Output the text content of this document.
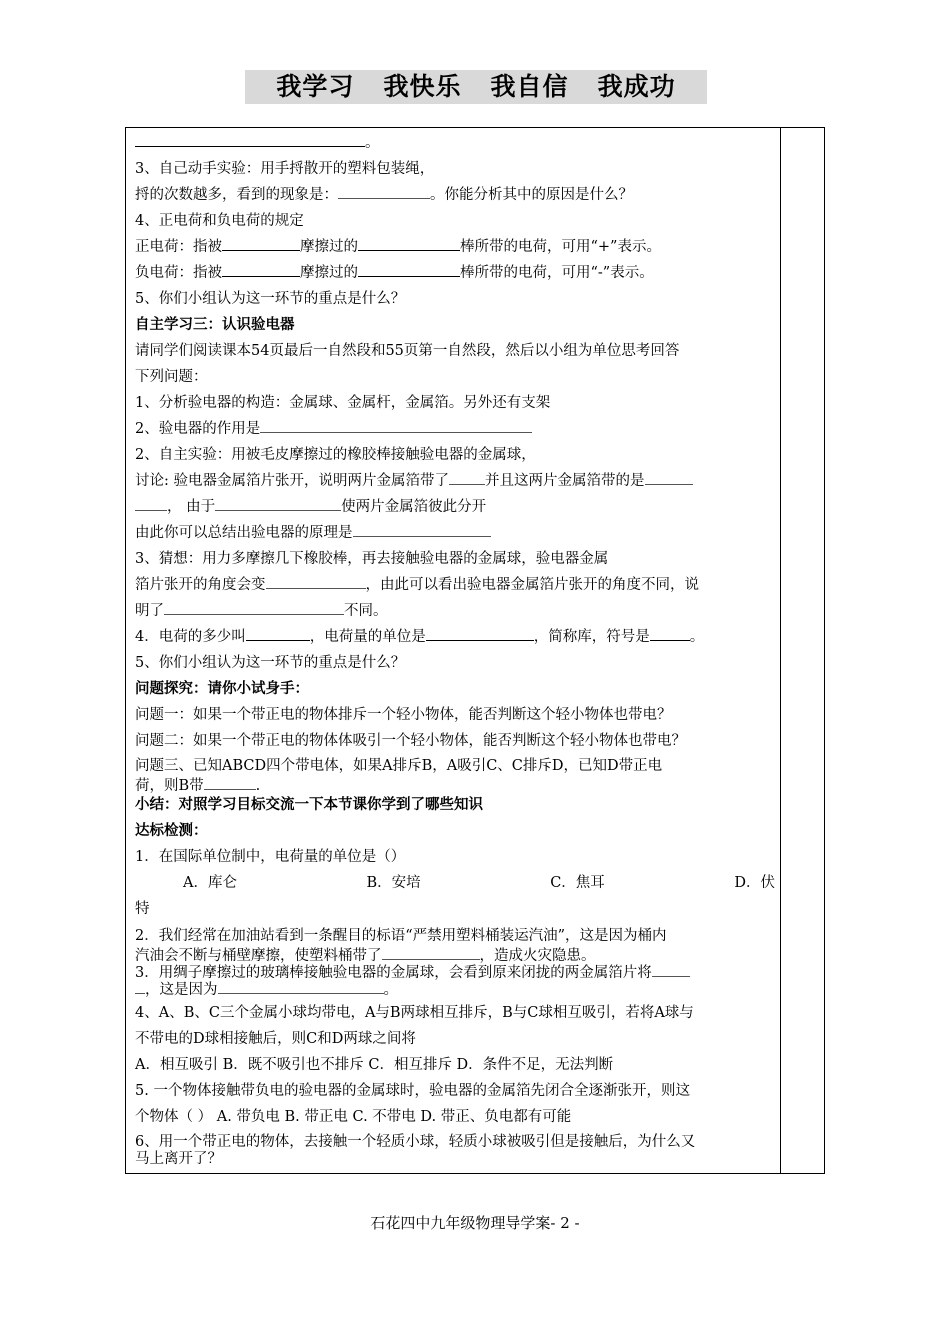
我学习   我快乐   我自信   我成功
。
3、自己动手实验：用手捋散开的塑料包装绳，
捋的次数越多，看到的现象是：	。你能分析其中的原因是什么？
4、正电荷和负电荷的规定
正电荷：指被	摩擦过的	棒所带的电荷，可用“+”表示。
负电荷：指被	摩擦过的	棒所带的电荷，可用“-”表示。
5、你们小组认为这一环节的重点是什么？
自主学习三：认识验电器
请同学们阅读课本54页最后一自然段和55页第一自然段，然后以小组为单位思考回答
下列问题：
1、分析验电器的构造：金属球、金属杆，金属箔。另外还有支架
2、验电器的作用是
2、自主实验：用被毛皮摩擦过的橡胶棒接触验电器的金属球，
讨论: 验电器金属箔片张开，说明两片金属箔带了 并且这两片金属箔带的是
， 由于	使两片金属箔彼此分开
由此你可以总结出验电器的原理是
3、猜想：用力多摩擦几下橡胶棒，再去接触验电器的金属球，验电器金属
箔片张开的角度会变	，由此可以看出验电器金属箔片张开的角度不同，说
明了	不同。
4．电荷的多少叫	，电荷量的单位是	，简称库，符号是	。
5、你们小组认为这一环节的重点是什么？
问题探究：请你小试身手：
问题一：如果一个带正电的物体排斥一个轻小物体，能否判断这个轻小物体也带电？
问题二：如果一个带正电的物体体吸引一个轻小物体，能否判断这个轻小物体也带电？
问题三、已知ABCD四个带电体，如果A排斥B，A吸引C、C排斥D，已知D带正电
荷，则B带	.
小结：对照学习目标交流一下本节课你学到了哪些知识
达标检测：
1．在国际单位制中，电荷量的单位是（）
A．库仑	B．安培	C．焦耳	D．伏
特
2．我们经常在加油站看到一条醒目的标语“严禁用塑料桶装运汽油”，这是因为桶内
汽油会不断与桶壁摩擦，使塑料桶带了	，造成火灾隐患。
3．用绸子摩擦过的玻璃棒接触验电器的金属球，会看到原来闭拢的两金属箔片将
，这是因为	。
4、A、B、C三个金属小球均带电，A与B两球相互排斥，B与C球相互吸引，若将A球与
不带电的D球相接触后，则C和D两球之间将
A．相互吸引 B．既不吸引也不排斥 C．相互排斥 D．条件不足，无法判断
5. 一个物体接触带负电的验电器的金属球时，验电器的金属箔先闭合全逐渐张开，则这
个物体（ ） A. 带负电 B. 带正电 C. 不带电 D. 带正、负电都有可能
6、用一个带正电的物体，去接触一个轻质小球，轻质小球被吸引但是接触后，为什么又
马上离开了？
石花四中九年级物理导学案- 2 -
